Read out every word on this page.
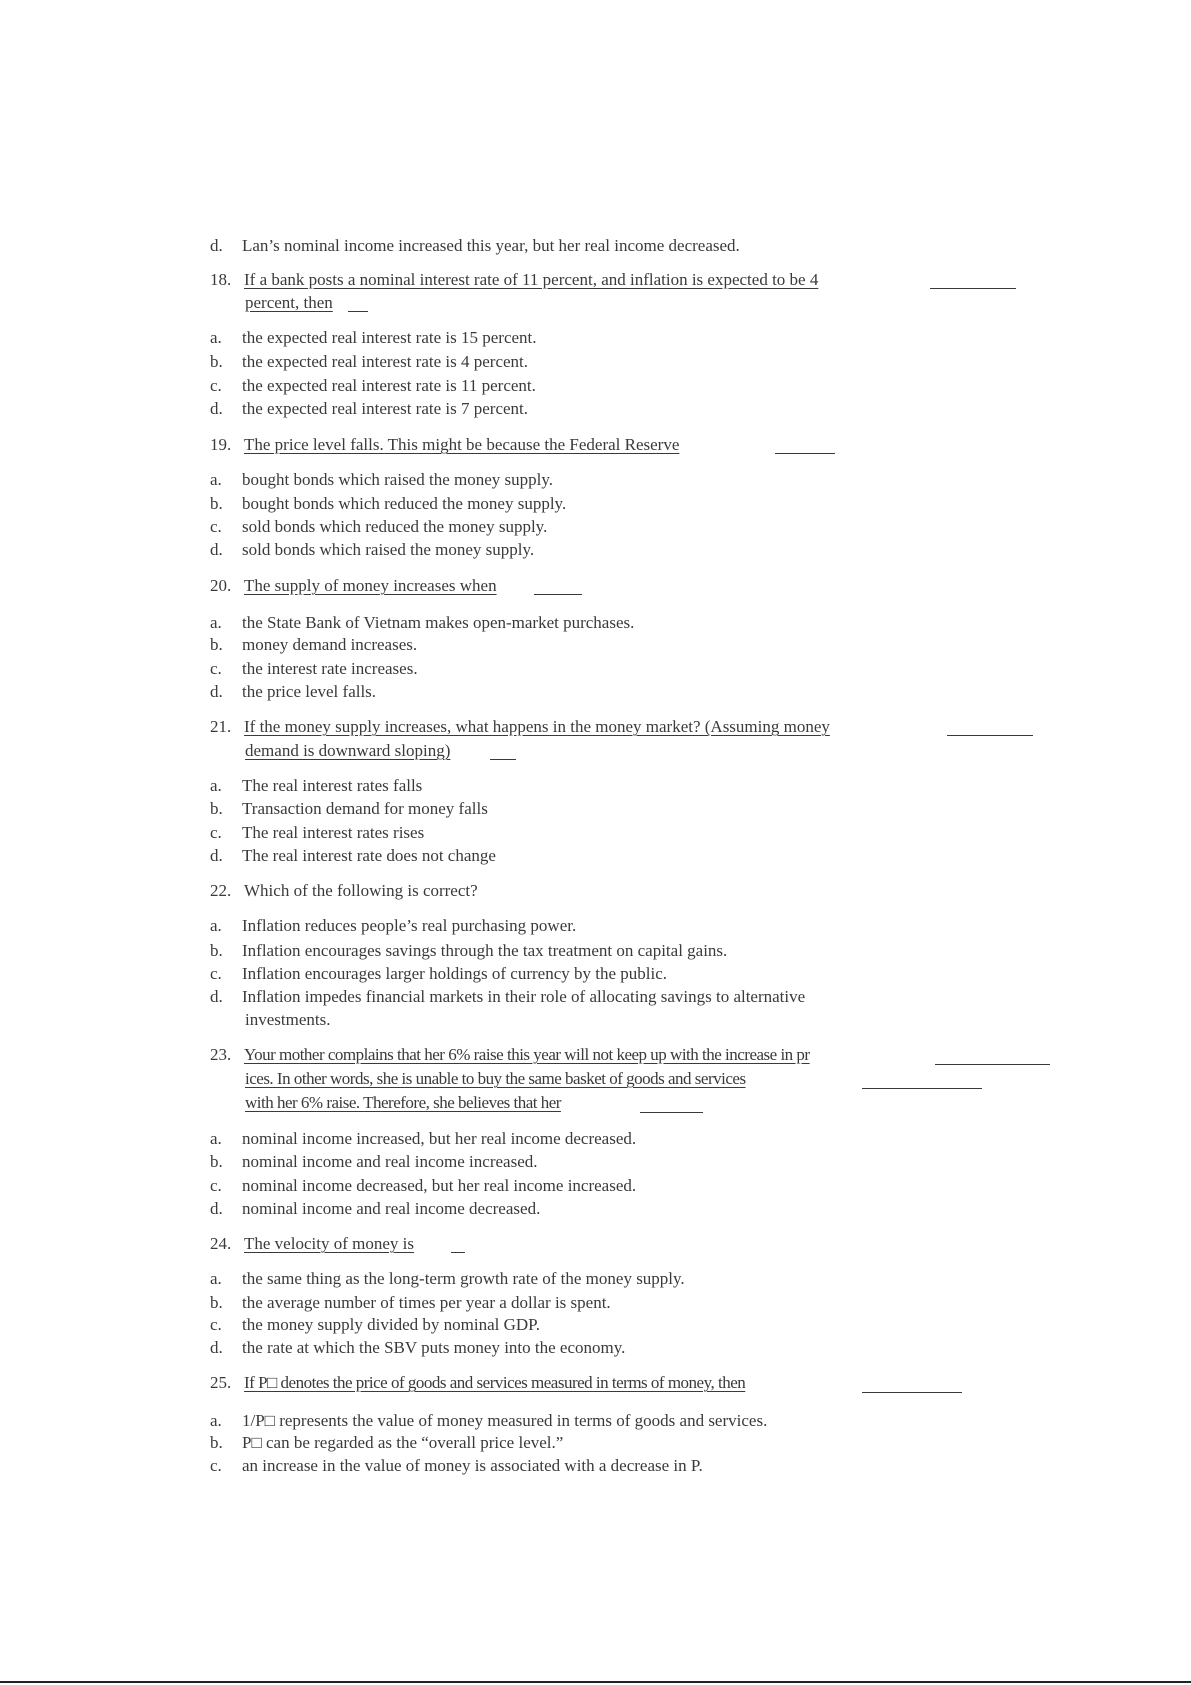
d. Lan’s nominal income increased this year, but her real income decreased.
18. If a bank posts a nominal interest rate of 11 percent, and inflation is expected to be 4
percent, then
a. the expected real interest rate is 15 percent.
b. the expected real interest rate is 4 percent.
c. the expected real interest rate is 11 percent.
d. the expected real interest rate is 7 percent.
19. The price level falls. This might be because the Federal Reserve
a. bought bonds which raised the money supply.
b. bought bonds which reduced the money supply.
c. sold bonds which reduced the money supply.
d. sold bonds which raised the money supply.
20. The supply of money increases when
a. the State Bank of Vietnam makes open-market purchases.
b. money demand increases.
c. the interest rate increases.
d. the price level falls.
21. If the money supply increases, what happens in the money market? (Assuming money
demand is downward sloping)
a. The real interest rates falls
b. Transaction demand for money falls
c. The real interest rates rises
d. The real interest rate does not change
22. Which of the following is correct?
a. Inflation reduces people’s real purchasing power.
b. Inflation encourages savings through the tax treatment on capital gains.
c. Inflation encourages larger holdings of currency by the public.
d. Inflation impedes financial markets in their role of allocating savings to alternative
investments.
23. Your mother complains that her 6% raise this year will not keep up with the increase in pr
ices. In other words, she is unable to buy the same basket of goods and services
with her 6% raise. Therefore, she believes that her
a. nominal income increased, but her real income decreased.
b. nominal income and real income increased.
c. nominal income decreased, but her real income increased.
d. nominal income and real income decreased.
24. The velocity of money is
a. the same thing as the long-term growth rate of the money supply.
b. the average number of times per year a dollar is spent.
c. the money supply divided by nominal GDP.
d. the rate at which the SBV puts money into the economy.
25. If P□ denotes the price of goods and services measured in terms of money, then
a. 1/P□ represents the value of money measured in terms of goods and services.
b. P□ can be regarded as the “overall price level.”
c. an increase in the value of money is associated with a decrease in P.
